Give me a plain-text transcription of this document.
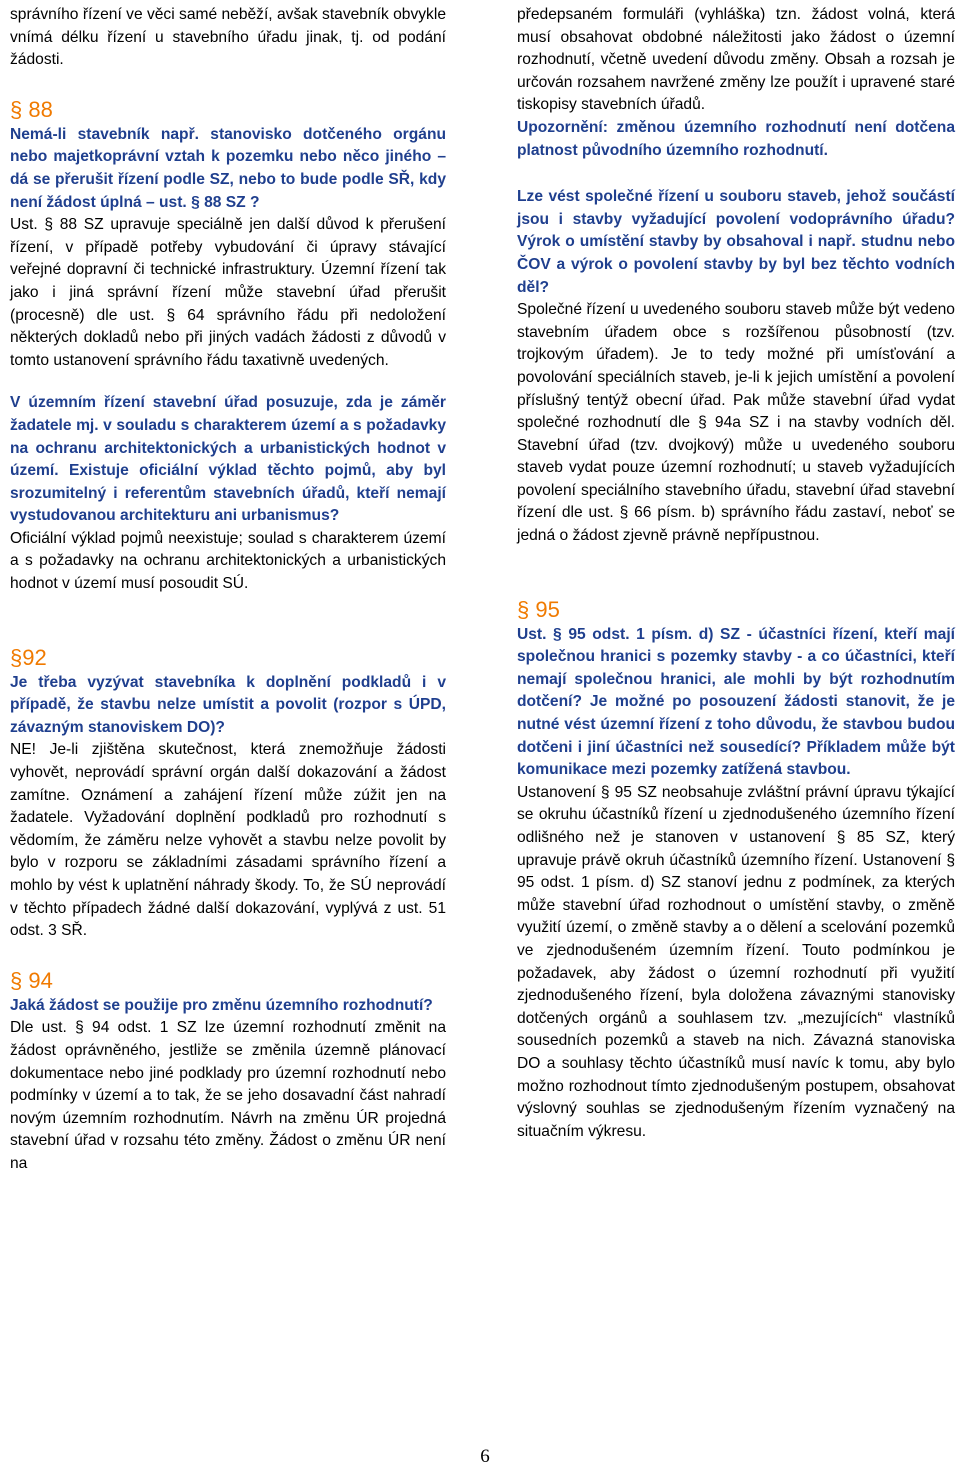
správního řízení ve věci samé neběží, avšak stavebník obvykle vnímá délku řízení u stavebního úřadu jinak, tj. od podání žádosti.

§ 88

Nemá-li stavebník např. stanovisko dotčeného orgánu nebo majetkoprávní vztah k pozemku nebo něco jiného – dá se přerušit řízení podle SZ, nebo to bude podle SŘ, kdy není žádost úplná – ust. § 88 SZ ?

Ust. § 88 SZ upravuje speciálně jen další důvod k přerušení řízení, v případě potřeby vybudování či úpravy stávající veřejné dopravní či technické infrastruktury. Územní řízení tak jako i jiná správní řízení může stavební úřad přerušit (procesně) dle ust. § 64 správního řádu při nedoložení některých dokladů nebo při jiných vadách žádosti z důvodů v tomto ustanovení správního řádu taxativně uvedených.

V územním řízení stavební úřad posuzuje, zda je záměr žadatele mj. v souladu s charakterem území a s požadavky na ochranu architektonických a urbanistických hodnot v území. Existuje oficiální výklad těchto pojmů, aby byl srozumitelný i referentům stavebních úřadů, kteří nemají vystudovanou architekturu ani urbanismus?

Oficiální výklad pojmů neexistuje; soulad s charakterem území a s požadavky na ochranu architektonických a urbanistických hodnot v území musí posoudit SÚ.

§92

Je třeba vyzývat stavebníka k doplnění podkladů i v případě, že stavbu nelze umístit a povolit (rozpor s ÚPD, závazným stanoviskem DO)?

NE! Je-li zjištěna skutečnost, která znemožňuje žádosti vyhovět, neprovádí správní orgán další dokazování a žádost zamítne. Oznámení a zahájení řízení může zúžit jen na žadatele. Vyžadování doplnění podkladů pro rozhodnutí s vědomím, že záměru nelze vyhovět a stavbu nelze povolit by bylo v rozporu se základními zásadami správního řízení a mohlo by vést k uplatnění náhrady škody. To, že SÚ neprovádí v těchto případech žádné další dokazování, vyplývá z ust. 51 odst. 3 SŘ.

§ 94

Jaká žádost se použije pro změnu územního rozhodnutí?

Dle ust. § 94 odst. 1 SZ lze územní rozhodnutí změnit na žádost oprávněného, jestliže se změnila územně plánovací dokumentace nebo jiné podklady pro územní rozhodnutí nebo podmínky v území a to tak, že se jeho dosavadní část nahradí novým územním rozhodnutím. Návrh na změnu ÚR projedná stavební úřad v rozsahu této změny. Žádost o změnu ÚR není na

předepsaném formuláři (vyhláška) tzn. žádost volná, která musí obsahovat obdobné náležitosti jako žádost o územní rozhodnutí, včetně uvedení důvodu změny. Obsah a rozsah je určován rozsahem navržené změny lze použít i upravené staré tiskopisy stavebních úřadů.

Upozornění: změnou územního rozhodnutí není dotčena platnost původního územního rozhodnutí.

Lze vést společné řízení u souboru staveb, jehož součástí jsou i stavby vyžadující povolení vodoprávního úřadu? Výrok o umístění stavby by obsahoval i např. studnu nebo ČOV a výrok o povolení stavby by byl bez těchto vodních děl?

Společné řízení u uvedeného souboru staveb může být vedeno stavebním úřadem obce s rozšířenou působností (tzv. trojkovým úřadem). Je to tedy možné při umísťování a povolování speciálních staveb, je-li k jejich umístění a povolení příslušný tentýž obecní úřad. Pak může stavební úřad vydat společné rozhodnutí dle § 94a SZ i na stavby vodních děl. Stavební úřad (tzv. dvojkový) může u uvedeného souboru staveb vydat pouze územní rozhodnutí; u staveb vyžadujících povolení speciálního stavebního úřadu, stavební úřad stavební řízení dle ust. § 66 písm. b) správního řádu zastaví, neboť se jedná o žádost zjevně právně nepřípustnou.

§ 95

Ust. § 95 odst. 1 písm. d) SZ - účastníci řízení, kteří mají společnou hranici s pozemky stavby - a co účastníci, kteří nemají společnou hranici, ale mohli by být rozhodnutím dotčení? Je možné po posouzení žádosti stanovit, že je nutné vést územní řízení z toho důvodu, že stavbou budou dotčeni i jiní účastníci než sousedící? Příkladem může být komunikace mezi pozemky zatížená stavbou.

Ustanovení § 95 SZ neobsahuje zvláštní právní úpravu týkající se okruhu účastníků řízení u zjednodušeného územního řízení odlišného než je stanoven v ustanovení § 85 SZ, který upravuje právě okruh účastníků územního řízení. Ustanovení § 95 odst. 1 písm. d) SZ stanoví jednu z podmínek, za kterých může stavební úřad rozhodnout o umístění stavby, o změně využití území, o změně stavby a o dělení a scelování pozemků ve zjednodušeném územním řízení. Touto podmínkou je požadavek, aby žádost o územní rozhodnutí při využití zjednodušeného řízení, byla doložena závaznými stanovisky dotčených orgánů a souhlasem tzv. „mezujících“ vlastníků sousedních pozemků a staveb na nich. Závazná stanoviska DO a souhlasy těchto účastníků musí navíc k tomu, aby bylo možno rozhodnout tímto zjednodušeným postupem, obsahovat výslovný souhlas se zjednodušeným řízením vyznačený na situačním výkresu.

6
